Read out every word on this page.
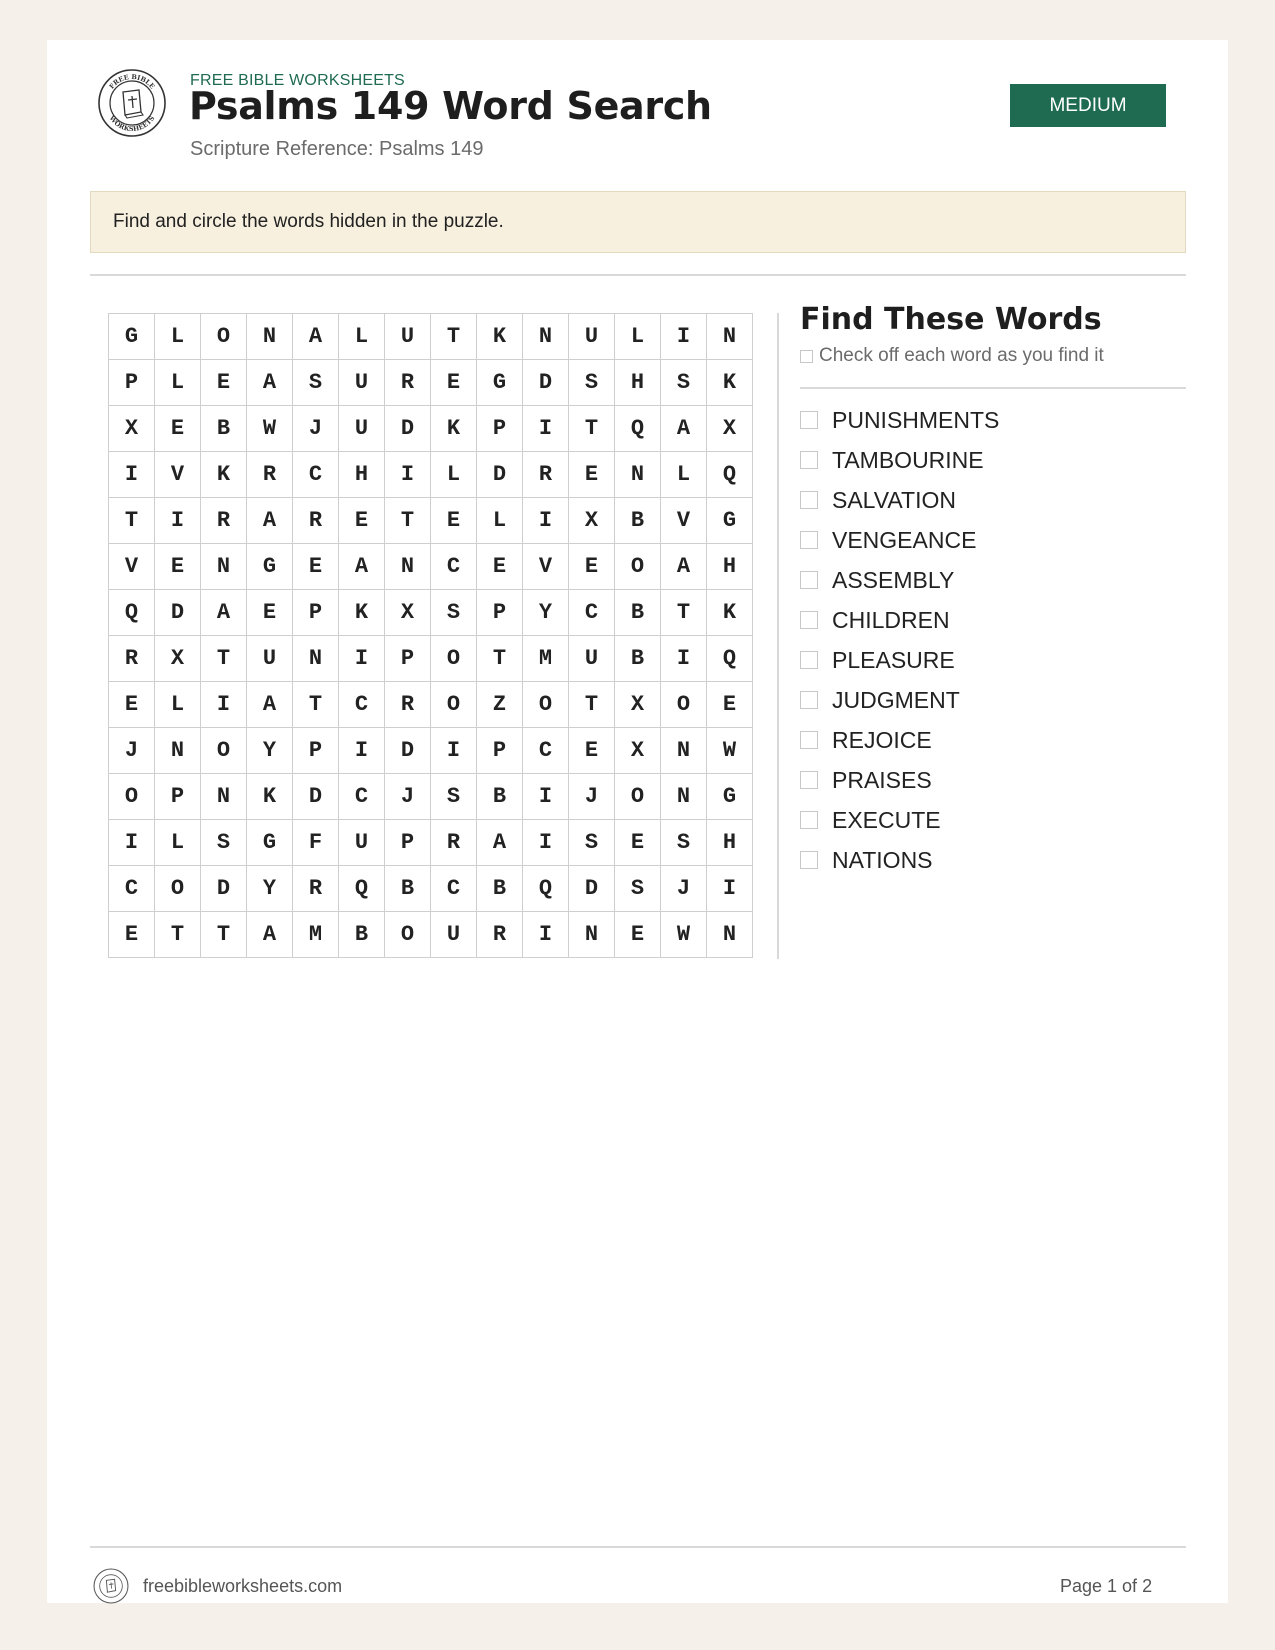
FREE BIBLE
WORKSHEETS
FREE BIBLE WORKSHEETS
Psalms 149 Word Search
Scripture Reference: Psalms 149
MEDIUM
Find and circle the words hidden in the puzzle.
G	L	O	N	A	L	U	T	K	N	U	L	I	N
P	L	E	A	S	U	R	E	G	D	S	H	S	K
X	E	B	W	J	U	D	K	P	I	T	Q	A	X
I	V	K	R	C	H	I	L	D	R	E	N	L	Q
T	I	R	A	R	E	T	E	L	I	X	B	V	G
V	E	N	G	E	A	N	C	E	V	E	O	A	H
Q	D	A	E	P	K	X	S	P	Y	C	B	T	K
R	X	T	U	N	I	P	O	T	M	U	B	I	Q
E	L	I	A	T	C	R	O	Z	O	T	X	O	E
J	N	O	Y	P	I	D	I	P	C	E	X	N	W
O	P	N	K	D	C	J	S	B	I	J	O	N	G
I	L	S	G	F	U	P	R	A	I	S	E	S	H
C	O	D	Y	R	Q	B	C	B	Q	D	S	J	I
E	T	T	A	M	B	O	U	R	I	N	E	W	N
Find These Words
Check off each word as you find it
PUNISHMENTS
TAMBOURINE
SALVATION
VENGEANCE
ASSEMBLY
CHILDREN
PLEASURE
JUDGMENT
REJOICE
PRAISES
EXECUTE
NATIONS
freebibleworksheets.com	Page 1 of 2
